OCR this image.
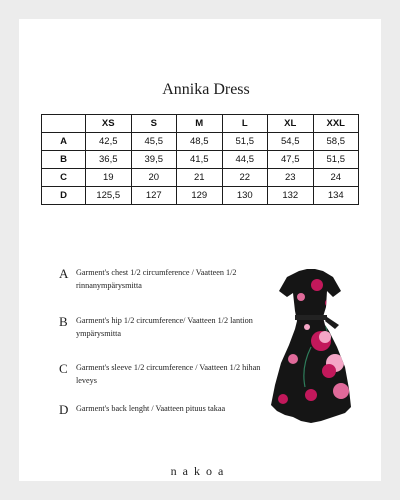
Annika Dress
	XS	S	M	L	XL	XXL
A	42,5	45,5	48,5	51,5	54,5	58,5
B	36,5	39,5	41,5	44,5	47,5	51,5
C	19	20	21	22	23	24
D	125,5	127	129	130	132	134
A Garment's chest 1/2 circumference / Vaatteen 1/2 rinnanympärysmitta
B Garment's hip 1/2 circumference/ Vaatteen 1/2 lantion ympärysmitta
C Garment's sleeve 1/2 circumference / Vaatteen 1/2 hihan leveys
D Garment's back lenght / Vaatteen pituus takaa
nakoa
